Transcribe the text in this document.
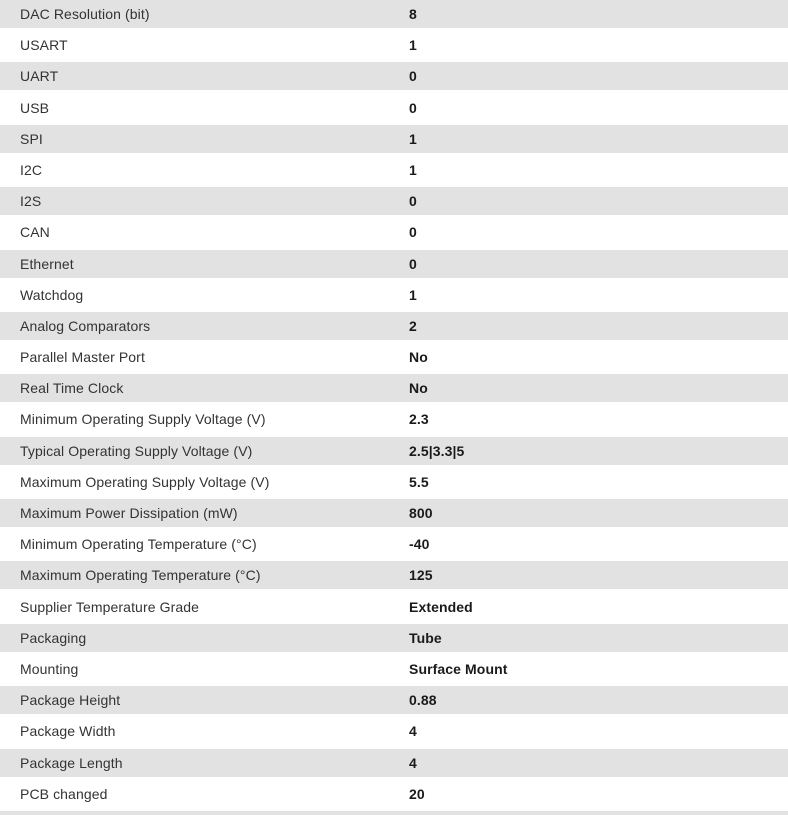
DAC Resolution (bit)	8
USART	1
UART	0
USB	0
SPI	1
I2C	1
I2S	0
CAN	0
Ethernet	0
Watchdog	1
Analog Comparators	2
Parallel Master Port	No
Real Time Clock	No
Minimum Operating Supply Voltage (V)	2.3
Typical Operating Supply Voltage (V)	2.5|3.3|5
Maximum Operating Supply Voltage (V)	5.5
Maximum Power Dissipation (mW)	800
Minimum Operating Temperature (°C)	-40
Maximum Operating Temperature (°C)	125
Supplier Temperature Grade	Extended
Packaging	Tube
Mounting	Surface Mount
Package Height	0.88
Package Width	4
Package Length	4
PCB changed	20
